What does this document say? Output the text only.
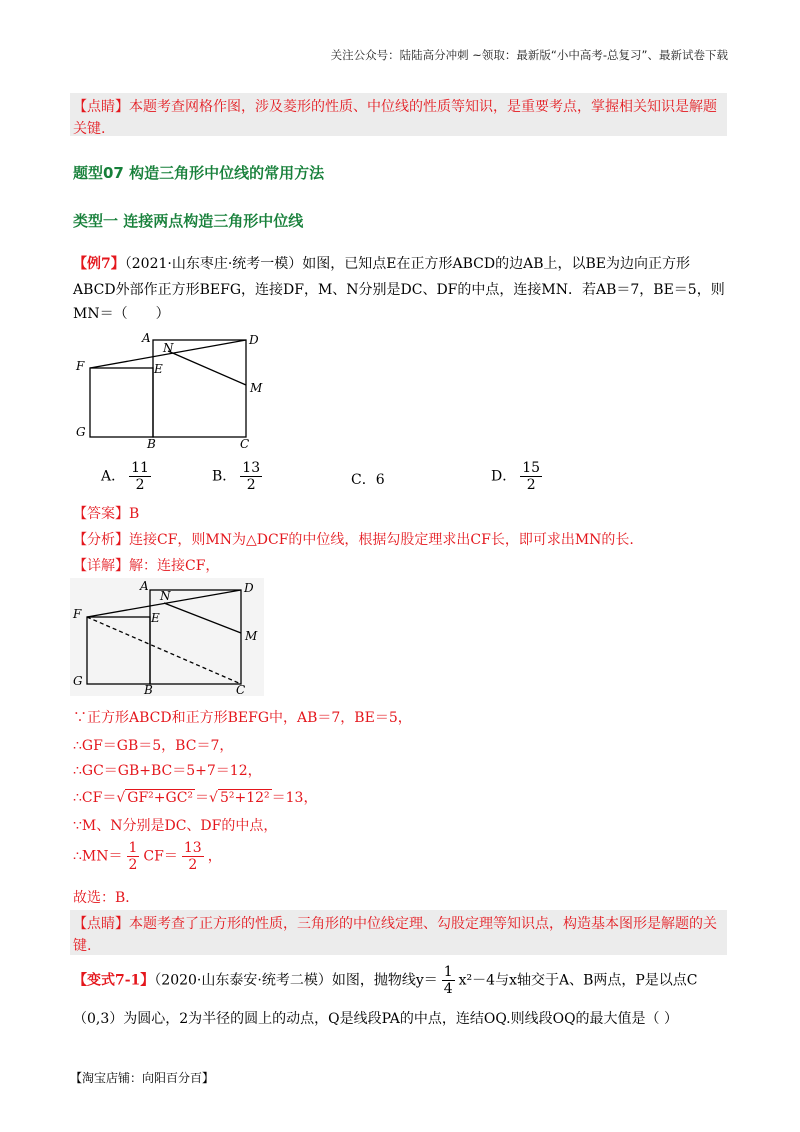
关注公众号：陆陆高分冲刺 ~领取：最新版“小中高考-总复习”、最新试卷下载
【点睛】本题考查网格作图，涉及菱形的性质、中位线的性质等知识，是重要考点，掌握相关知识是解题
关键.
题型07 构造三角形中位线的常用方法
类型一 连接两点构造三角形中位线
【例7】（2021·山东枣庄·统考一模）如图，已知点E在正方形ABCD的边AB上，以BE为边向正方形
ABCD外部作正方形BEFG，连接DF，M、N分别是DC、DF的中点，连接MN．若AB＝7，BE＝5，则
MN＝（　　）
A	D
N
F	E
M
G
B	C
A． $\frac{11}{2}$	B． $\frac{13}{2}$	C．6	D． $\frac{15}{2}$
【答案】B
【分析】连接CF，则MN为△DCF的中位线，根据勾股定理求出CF长，即可求出MN的长.
【详解】解：连接CF，
A	D
N
F	E
M
G
B	C
∵正方形ABCD和正方形BEFG中，AB＝7，BE＝5，
∴GF＝GB＝5，BC＝7，
∴GC＝GB+BC＝5+7＝12，
∴CF＝√ GF²+GC² ＝√ 5²+12² ＝13，
∵M、N分别是DC、DF的中点，
∴MN＝ $\frac{1}{2} CF= \frac{13}{2}$ ，
故选：B．
【点睛】本题考查了正方形的性质，三角形的中位线定理、勾股定理等知识点，构造基本图形是解题的关
键.
【变式7-1】（2020·山东泰安·统考二模）如图，抛物线$y= \frac{1}{4} x^2-4$与x轴交于A、B两点，P是以点C
（0,3）为圆心，2为半径的圆上的动点，Q是线段PA的中点，连结OQ.则线段OQ的最大值是（ ）
【淘宝店铺：向阳百分百】
